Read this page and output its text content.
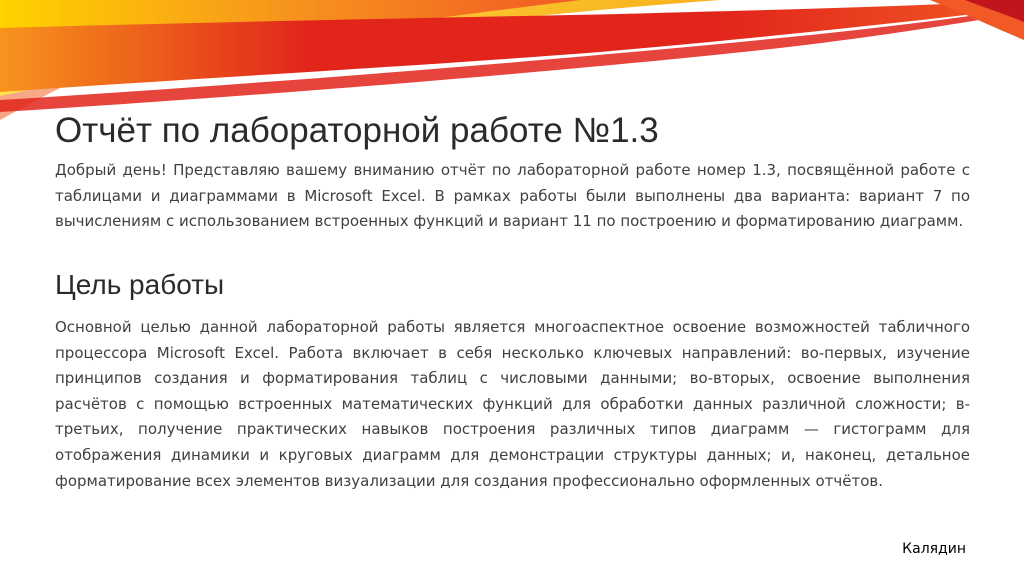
Отчёт по лабораторной работе №1.3

Добрый день! Представляю вашему вниманию отчёт по лабораторной работе номер 1.3, посвящённой работе с таблицами и диаграммами в Microsoft Excel. В рамках работы были выполнены два варианта: вариант 7 по вычислениям с использованием встроенных функций и вариант 11 по построению и форматированию диаграмм.

Цель работы

Основной целью данной лабораторной работы является многоаспектное освоение возможностей табличного процессора Microsoft Excel. Работа включает в себя несколько ключевых направлений: во-первых, изучение принципов создания и форматирования таблиц с числовыми данными; во-вторых, освоение выполнения расчётов с помощью встроенных математических функций для обработки данных различной сложности; в-третьих, получение практических навыков построения различных типов диаграмм — гистограмм для отображения динамики и круговых диаграмм для демонстрации структуры данных; и, наконец, детальное форматирование всех элементов визуализации для создания профессионально оформленных отчётов.

Калядин
